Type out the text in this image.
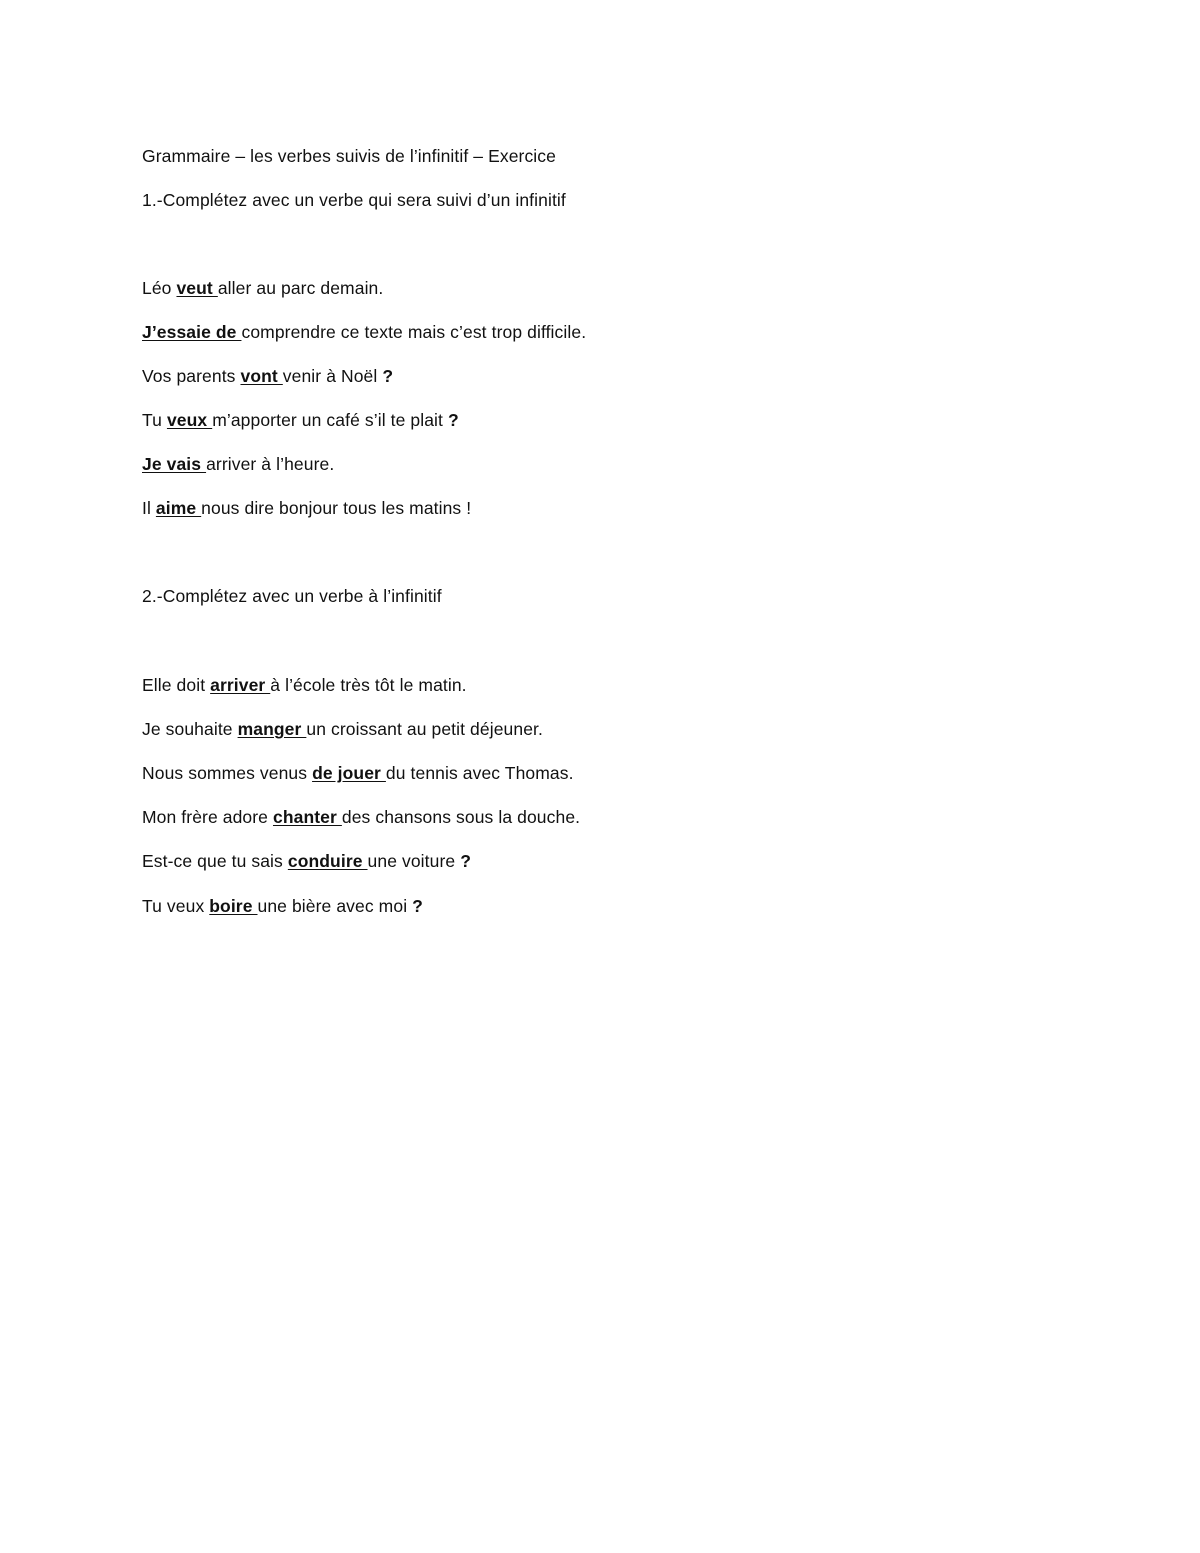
Grammaire – les verbes suivis de l’infinitif – Exercice
1.-Complétez avec un verbe qui sera suivi d’un infinitif
Léo veut aller au parc demain.
J’essaie de comprendre ce texte mais c’est trop difficile.
Vos parents vont venir à Noël ?
Tu veux m’apporter un café s’il te plait ?
Je vais arriver à l’heure.
Il aime nous dire bonjour tous les matins !
2.-Complétez avec un verbe à l’infinitif
Elle doit arriver à l’école très tôt le matin.
Je souhaite manger un croissant au petit déjeuner.
Nous sommes venus de jouer du tennis avec Thomas.
Mon frère adore chanter des chansons sous la douche.
Est-ce que tu sais conduire une voiture ?
Tu veux boire une bière avec moi ?
